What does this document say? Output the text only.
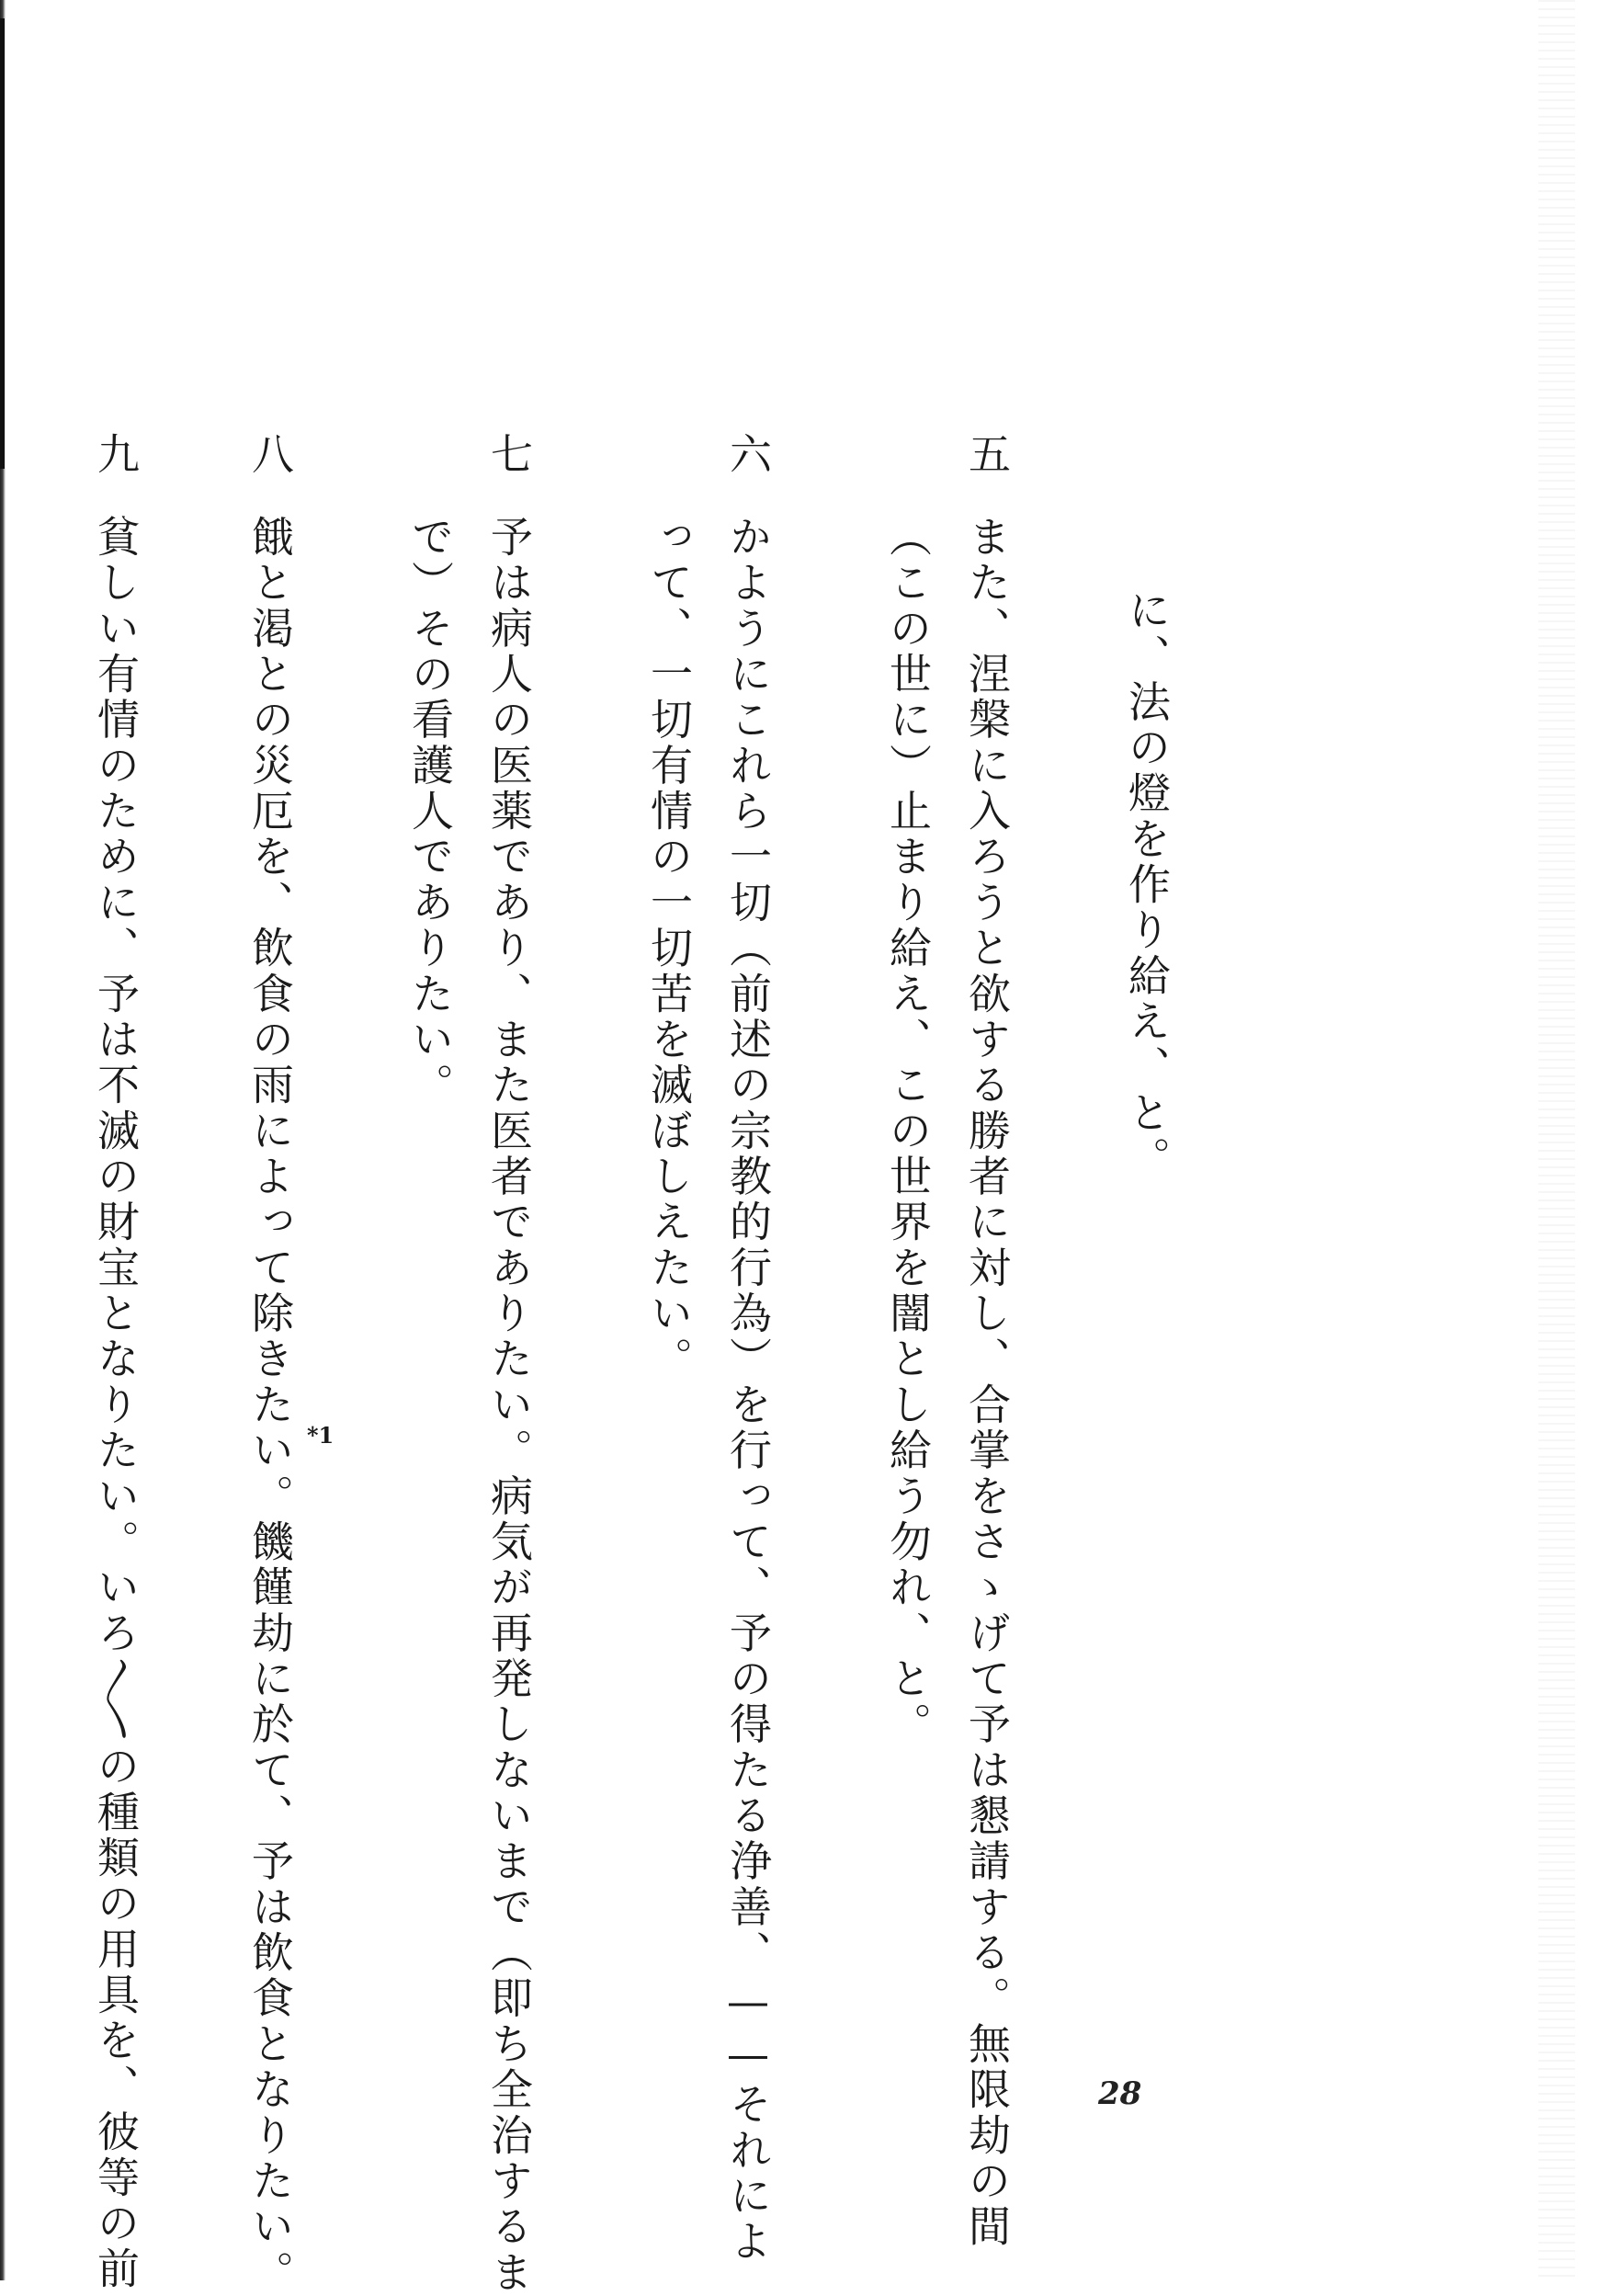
に、法の燈を作り給え、と。
五
また、涅槃に入ろうと欲する勝者に対し、合掌をさゝげて予は懇請する。無限劫の間
（この世に）止まり給え、この世界を闇とし給う勿れ、と。
六
かようにこれら一切（前述の宗教的行為）を行って、予の得たる浄善、——それによ
って、一切有情の一切苦を滅ぼしえたい。
七
予は病人の医薬であり、また医者でありたい。病気が再発しないまで（即ち全治するま
で）その看護人でありたい。
八
餓と渇との災厄を、飲食の雨によって除きたい。饑饉劫に於て、予は飲食となりたい。 *1
九
貧しい有情のために、予は不滅の財宝となりたい。いろ〱の種類の用具を、彼等の前	28
